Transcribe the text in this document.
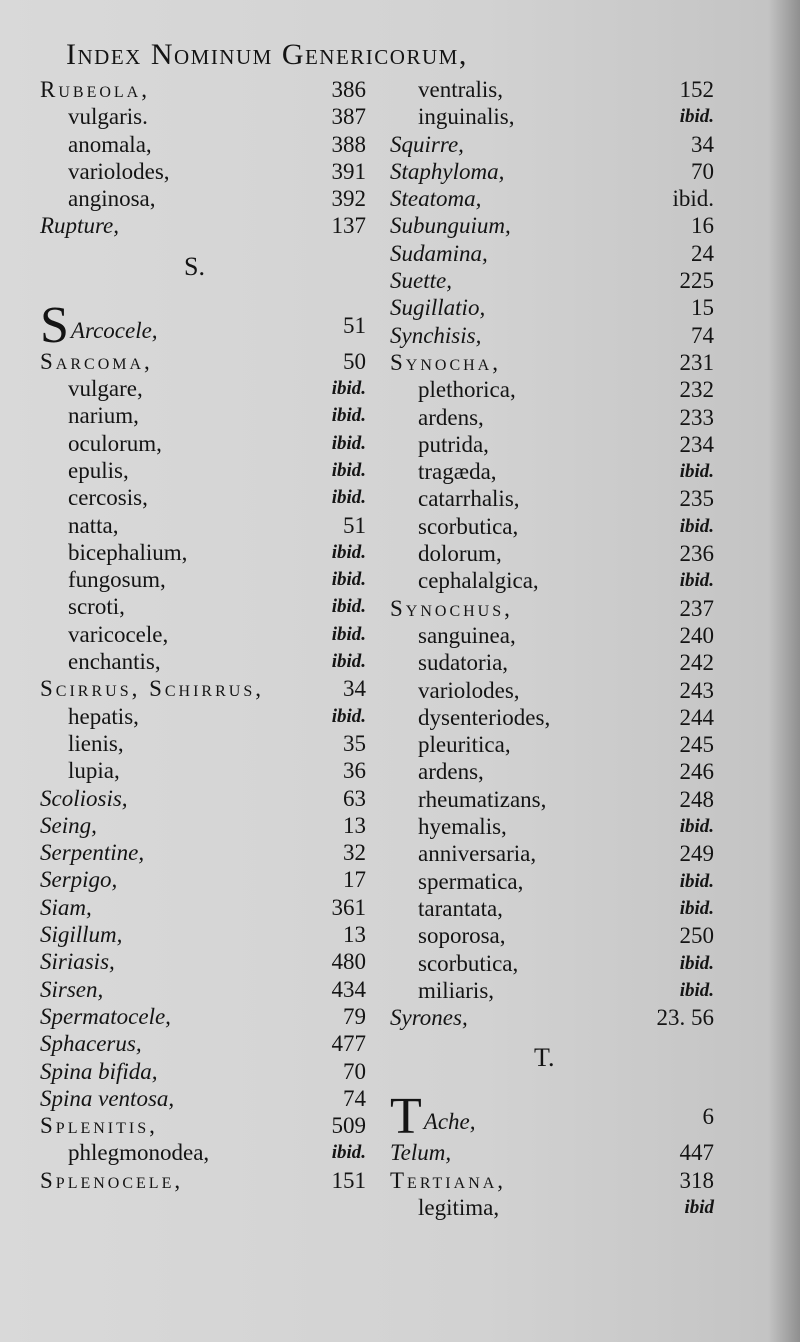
Index Nominum Genericorum,
Rubeola,	386
vulgaris.	387
anomala,	388
variolodes,	391
anginosa,	392
Rupture,	137
S.
SArcocele,	51
Sarcoma,	50
vulgare,	ibid.
narium,	ibid.
oculorum,	ibid.
epulis,	ibid.
cercosis,	ibid.
natta,	51
bicephalium,	ibid.
fungosum,	ibid.
scroti,	ibid.
varicocele,	ibid.
enchantis,	ibid.
Scirrus, Schirrus,	34
hepatis,	ibid.
lienis,	35
lupia,	36
Scoliosis,	63
Seing,	13
Serpentine,	32
Serpigo,	17
Siam,	361
Sigillum,	13
Siriasis,	480
Sirsen,	434
Spermatocele,	79
Sphacerus,	477
Spina bifida,	70
Spina ventosa,	74
Splenitis,	509
phlegmonodea,	ibid.
Splenocele,	151
ventralis,	152
inguinalis,	ibid.
Squirre,	34
Staphyloma,	70
Steatoma,	ibid.
Subunguium,	16
Sudamina,	24
Suette,	225
Sugillatio,	15
Synchisis,	74
Synocha,	231
plethorica,	232
ardens,	233
putrida,	234
tragæda,	ibid.
catarrhalis,	235
scorbutica,	ibid.
dolorum,	236
cephalalgica,	ibid.
Synochus,	237
sanguinea,	240
sudatoria,	242
variolodes,	243
dysenteriodes,	244
pleuritica,	245
ardens,	246
rheumatizans,	248
hyemalis,	ibid.
anniversaria,	249
spermatica,	ibid.
tarantata,	ibid.
soporosa,	250
scorbutica,	ibid.
miliaris,	ibid.
Syrones,	23. 56
T.
TAche,	6
Telum,	447
Tertiana,	318
legitima,	ibid
